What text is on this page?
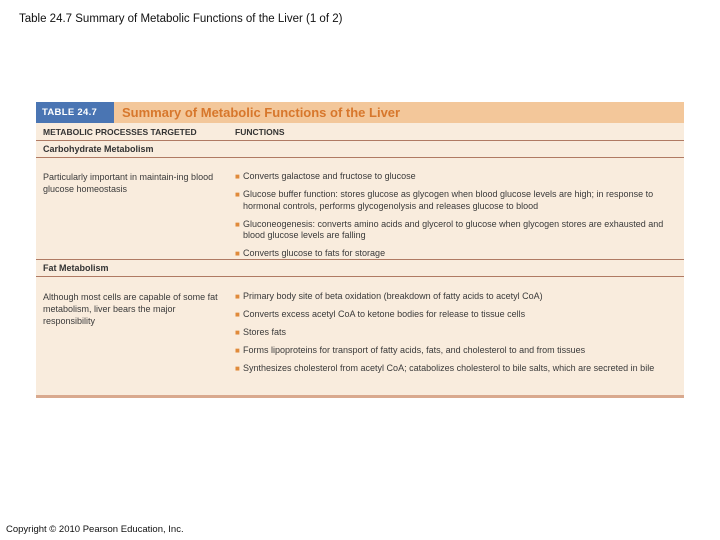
Table 24.7 Summary of Metabolic Functions of the Liver (1 of 2)
TABLE 24.7	Summary of Metabolic Functions of the Liver
METABOLIC PROCESSES TARGETED	FUNCTIONS
Carbohydrate Metabolism
Particularly important in maintain-ing blood glucose homeostasis
■ Converts galactose and fructose to glucose
■ Glucose buffer function: stores glucose as glycogen when blood glucose levels are high; in response to hormonal controls, performs glycogenolysis and releases glucose to blood
■ Gluconeogenesis: converts amino acids and glycerol to glucose when glycogen stores are exhausted and blood glucose levels are falling
■ Converts glucose to fats for storage
Fat Metabolism
Although most cells are capable of some fat metabolism, liver bears the major responsibility
■ Primary body site of beta oxidation (breakdown of fatty acids to acetyl CoA)
■ Converts excess acetyl CoA to ketone bodies for release to tissue cells
■ Stores fats
■ Forms lipoproteins for transport of fatty acids, fats, and cholesterol to and from tissues
■ Synthesizes cholesterol from acetyl CoA; catabolizes cholesterol to bile salts, which are secreted in bile
Copyright © 2010 Pearson Education, Inc.
